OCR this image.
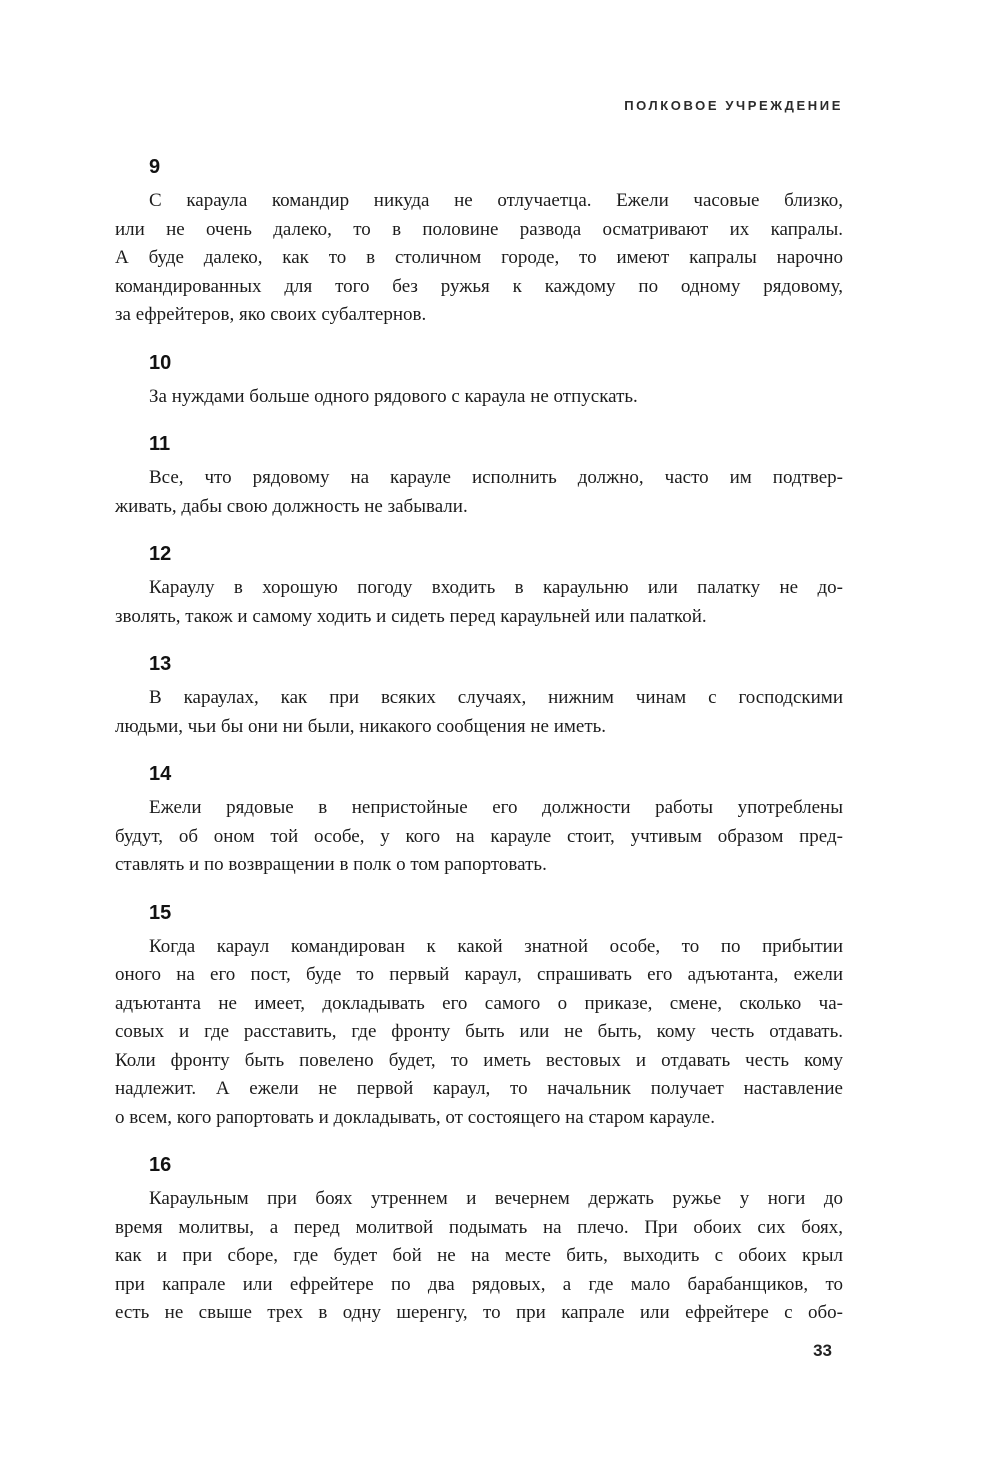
ПОЛКОВОЕ УЧРЕЖДЕНИЕ
9
С караула командир никуда не отлучаетца. Ежели часовые близко,
или не очень далеко, то в половине развода осматривают их капралы.
А буде далеко, как то в столичном городе, то имеют капралы нарочно
командированных для того без ружья к каждому по одному рядовому,
за ефрейтеров, яко своих субалтернов.
10
За нуждами больше одного рядового с караула не отпускать.
11
Все, что рядовому на карауле исполнить должно, часто им подтвер-
живать, дабы свою должность не забывали.
12
Караулу в хорошую погоду входить в караульню или палатку не до-
зволять, також и самому ходить и сидеть перед караульней или палаткой.
13
В караулах, как при всяких случаях, нижним чинам с господскими
людьми, чьи бы они ни были, никакого сообщения не иметь.
14
Ежели рядовые в непристойные его должности работы употреблены
будут, об оном той особе, у кого на карауле стоит, учтивым образом пред-
ставлять и по возвращении в полк о том рапортовать.
15
Когда караул командирован к какой знатной особе, то по прибытии
оного на его пост, буде то первый караул, спрашивать его адъютанта, ежели
адъютанта не имеет, докладывать его самого о приказе, смене, сколько ча-
совых и где расставить, где фронту быть или не быть, кому честь отдавать.
Коли фронту быть повелено будет, то иметь вестовых и отдавать честь кому
надлежит. А ежели не первой караул, то начальник получает наставление
о всем, кого рапортовать и докладывать, от состоящего на старом карауле.
16
Караульным при боях утреннем и вечернем держать ружье у ноги до
время молитвы, а перед молитвой подымать на плечо. При обоих сих боях,
как и при сборе, где будет бой не на месте бить, выходить с обоих крыл
при капрале или ефрейтере по два рядовых, а где мало барабанщиков, то
есть не свыше трех в одну шеренгу, то при капрале или ефрейтере с обо-
33
